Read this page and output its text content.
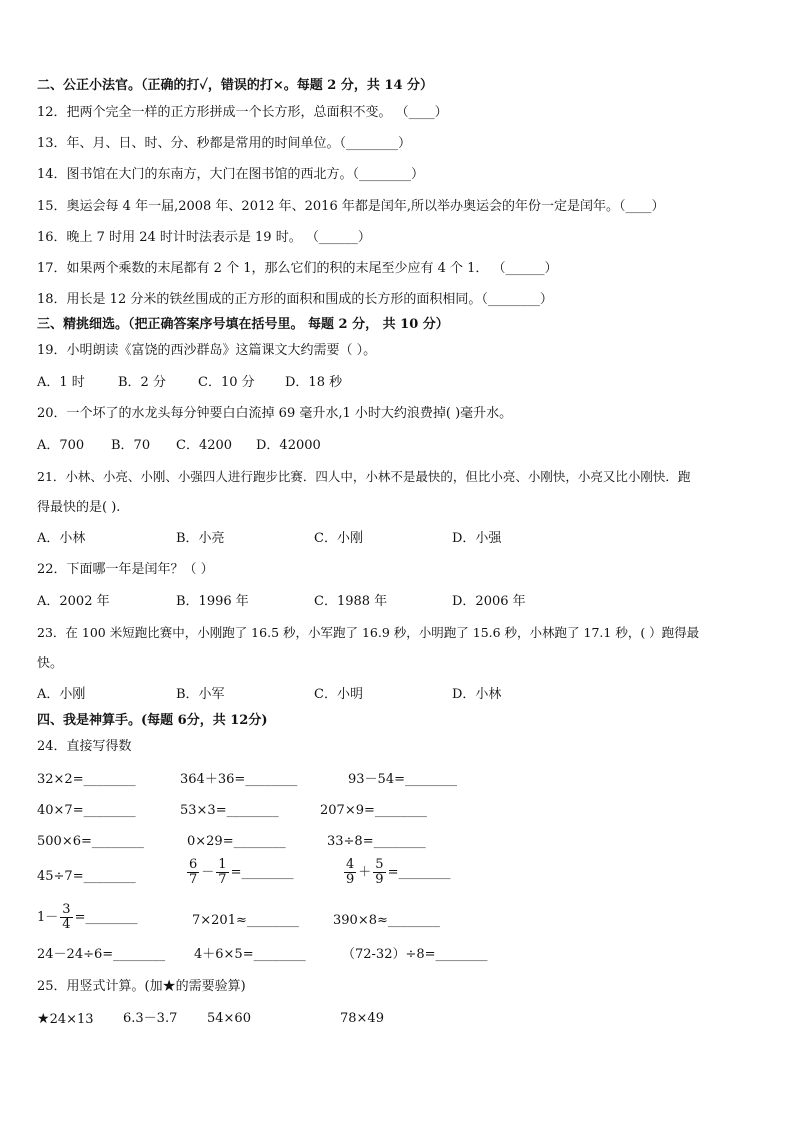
二、公正小法官。（正确的打✓，错误的打×。每题 2 分，共 14 分）
12．把两个完全一样的正方形拼成一个长方形，总面积不变。 （____）
13．年、月、日、时、分、秒都是常用的时间单位。（________）
14．图书馆在大门的东南方，大门在图书馆的西北方。（________）
15．奥运会每 4 年一届,2008 年、2012 年、2016 年都是闰年,所以举办奥运会的年份一定是闰年。（____）
16．晚上 7 时用 24 时计时法表示是 19 时。 （______）
17．如果两个乘数的末尾都有 2 个 1，那么它们的积的末尾至少应有 4 个 1． （______）
18．用长是 12 分米的铁丝围成的正方形的面积和围成的长方形的面积相同。（________）
三、精挑细选。（把正确答案序号填在括号里。 每题 2 分， 共 10 分）
19．小明朗读《富饶的西沙群岛》这篇课文大约需要（ ）。
A．1 时	B．2 分 C．10 分 D．18 秒
20．一个坏了的水龙头每分钟要白白流掉 69 毫升水,1 小时大约浪费掉( )毫升水。
A．700 B．70 C．4200 D．42000
21．小林、小亮、小刚、小强四人进行跑步比赛．四人中，小林不是最快的，但比小亮、小刚快，小亮又比小刚快．跑
得最快的是( ).
A．小林	B．小亮	C．小刚	D．小强
22．下面哪一年是闰年？（ ）
A．2002 年	B．1996 年	C．1988 年	D．2006 年
23．在 100 米短跑比赛中，小刚跑了 16.5 秒，小军跑了 16.9 秒，小明跑了 15.6 秒，小林跑了 17.1 秒，( ）跑得最
快。
A．小刚	B．小军	C．小明	D．小林
四、我是神算手。(每题 6分，共 12分)
24．直接写得数
32×2=________	364＋36=________	93－54=________
40×7=________	53×3=________	207×9=________
500×6=________	0×29=________	33÷8=________
45÷7=________	$\frac{6}{7} - \frac{1}{7}$ =________	$\frac{4}{9} + \frac{5}{9}$ =________
$1- \frac{3}{4}$ =________	7×201≈________	390×8≈________
24－24÷6=________ 4＋6×5=________	（72-32）÷8=________
25．用竖式计算。(加★的需要验算)
★24×13 6.3－3.7 54×60	78×49
